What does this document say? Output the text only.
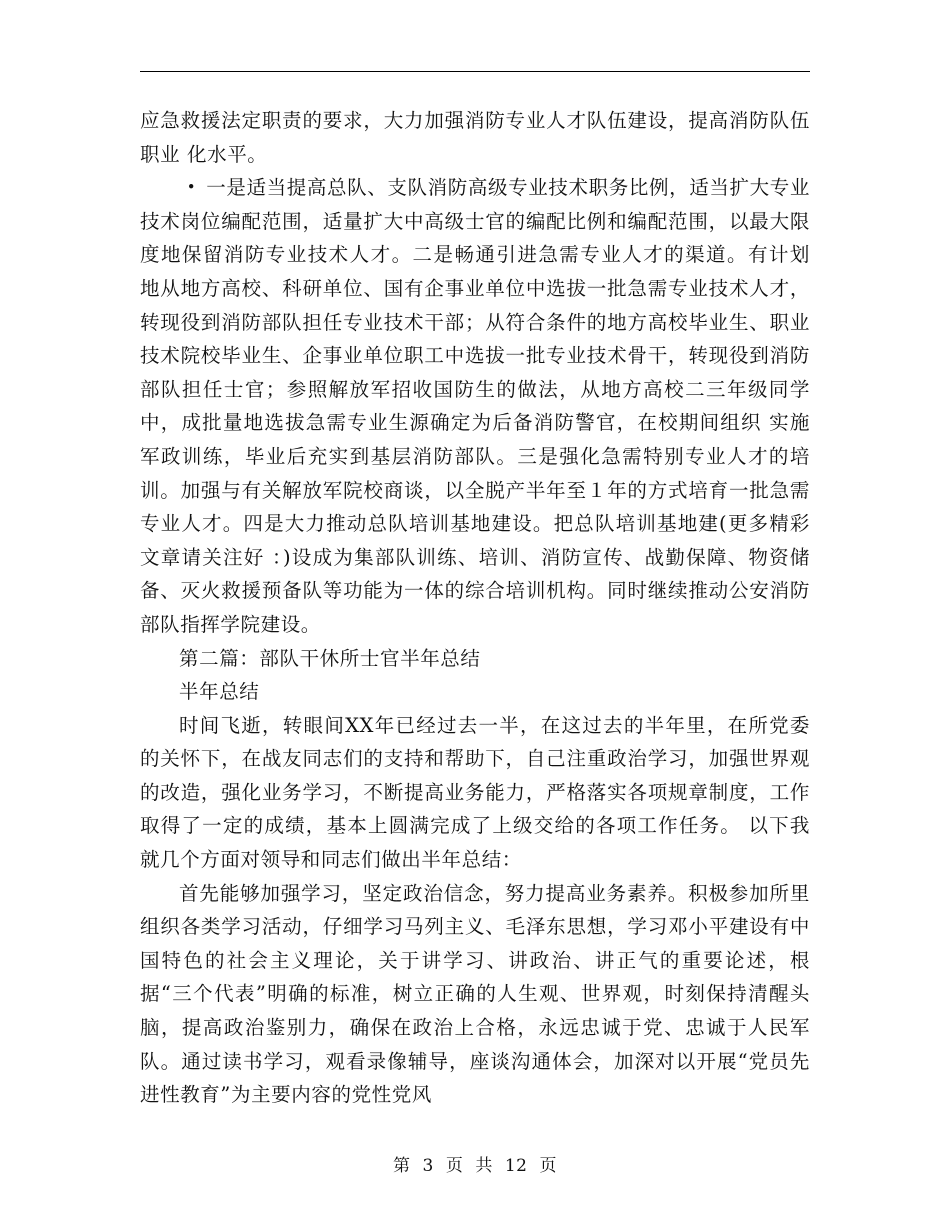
应急救援法定职责的要求，大力加强消防专业人才队伍建设，提高消防队伍职业 化水平。

• 一是适当提高总队、支队消防高级专业技术职务比例，适当扩大专业技术岗位编配范围，适量扩大中高级士官的编配比例和编配范围，以最大限度地保留消防专业技术人才。二是畅通引进急需专业人才的渠道。有计划 地从地方高校、科研单位、国有企事业单位中选拔一批急需专业技术人才，转现役到消防部队担任专业技术干部；从符合条件的地方高校毕业生、职业技术院校毕业生、企事业单位职工中选拔一批专业技术骨干，转现役到消防部队担任士官；参照解放军招收国防生的做法，从地方高校二三年级同学中，成批量地选拔急需专业生源确定为后备消防警官，在校期间组织 实施军政训练，毕业后充实到基层消防部队。三是强化急需特别专业人才的培训。加强与有关解放军院校商谈，以全脱产半年至１年的方式培育一批急需专业人才。四是大力推动总队培训基地建设。把总队培训基地建(更多精彩文章请关注好 ：)设成为集部队训练、培训、消防宣传、战勤保障、物资储备、灭火救援预备队等功能为一体的综合培训机构。同时继续推动公安消防部队指挥学院建设。

第二篇：部队干休所士官半年总结

半年总结

时间飞逝，转眼间XX年已经过去一半，在这过去的半年里，在所党委的关怀下，在战友同志们的支持和帮助下，自己注重政治学习，加强世界观的改造，强化业务学习，不断提高业务能力，严格落实各项规章制度，工作取得了一定的成绩，基本上圆满完成了上级交给的各项工作任务。 以下我就几个方面对领导和同志们做出半年总结：

首先能够加强学习，坚定政治信念，努力提高业务素养。积极参加所里组织各类学习活动，仔细学习马列主义、毛泽东思想，学习邓小平建设有中国特色的社会主义理论，关于讲学习、讲政治、讲正气的重要论述，根据“三个代表”明确的标准，树立正确的人生观、世界观，时刻保持清醒头脑，提高政治鉴别力，确保在政治上合格，永远忠诚于党、忠诚于人民军队。通过读书学习，观看录像辅导，座谈沟通体会，加深对以开展“党员先进性教育”为主要内容的党性党风

第 3 页 共 12 页
